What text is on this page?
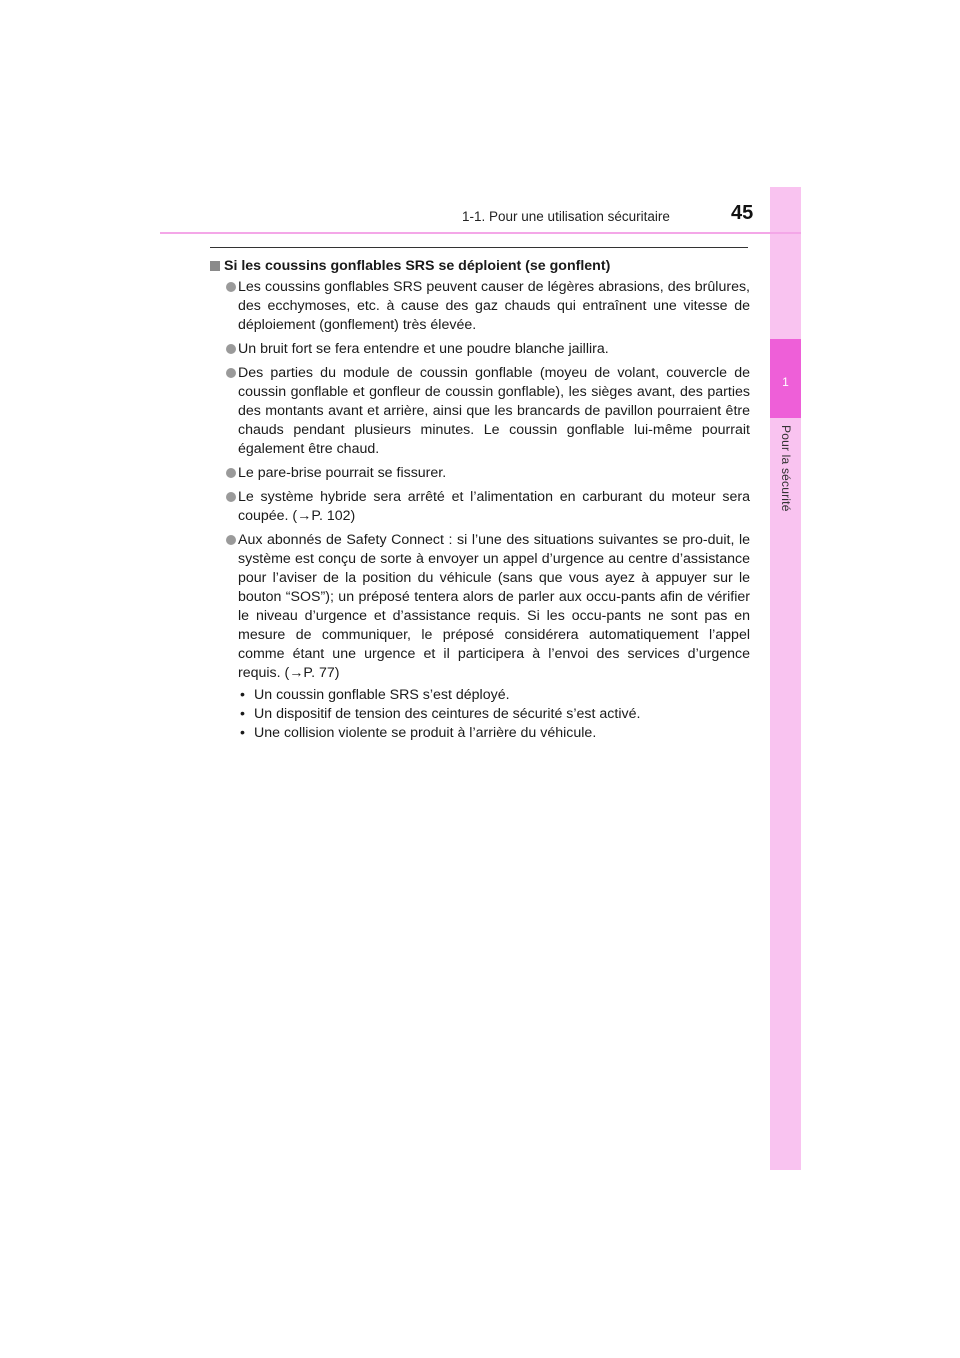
1
Pour la sécurité
1-1. Pour une utilisation sécuritaire	45
Si les coussins gonflables SRS se déploient (se gonflent)
Les coussins gonflables SRS peuvent causer de légères abrasions, des brûlures, des ecchymoses, etc. à cause des gaz chauds qui entraînent une vitesse de déploiement (gonflement) très élevée.
Un bruit fort se fera entendre et une poudre blanche jaillira.
Des parties du module de coussin gonflable (moyeu de volant, couvercle de coussin gonflable et gonfleur de coussin gonflable), les sièges avant, des parties des montants avant et arrière, ainsi que les brancards de pavillon pourraient être chauds pendant plusieurs minutes. Le coussin gonflable lui-même pourrait également être chaud.
Le pare-brise pourrait se fissurer.
Le système hybride sera arrêté et l’alimentation en carburant du moteur sera coupée. (→P. 102)
Aux abonnés de Safety Connect : si l’une des situations suivantes se pro-duit, le système est conçu de sorte à envoyer un appel d’urgence au centre d’assistance pour l’aviser de la position du véhicule (sans que vous ayez à appuyer sur le bouton “SOS”); un préposé tentera alors de parler aux occu-pants afin de vérifier le niveau d’urgence et d’assistance requis. Si les occu-pants ne sont pas en mesure de communiquer, le préposé considérera automatiquement l’appel comme étant une urgence et il participera à l’envoi des services d’urgence requis. (→P. 77)
• Un coussin gonflable SRS s’est déployé.
• Un dispositif de tension des ceintures de sécurité s’est activé.
• Une collision violente se produit à l’arrière du véhicule.
